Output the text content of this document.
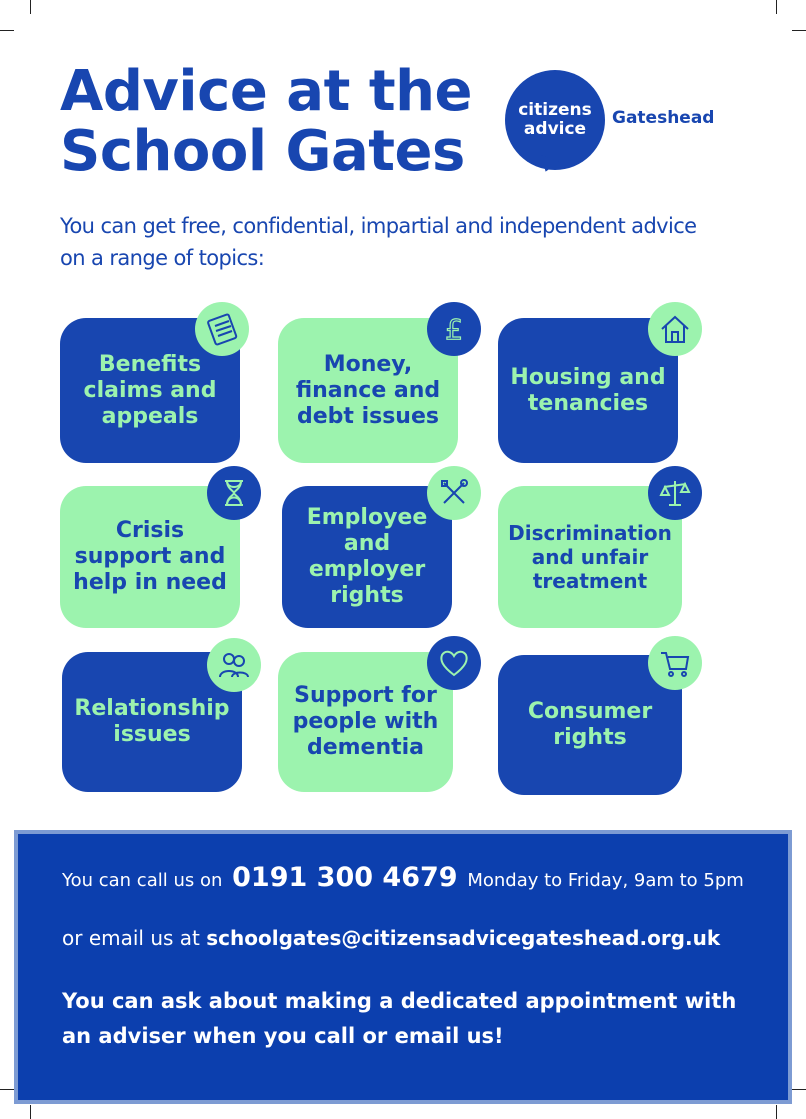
Advice at the
School Gates
citizens
advice
Gateshead

You can get free, confidential, impartial and independent advice on a range of topics:

Benefits claims and appeals
Money, finance and debt issues
£
Housing and tenancies
Crisis support and help in need
Employee and employer rights
Discrimination and unfair treatment
Relationship issues
Support for people with dementia
Consumer rights
You can call us on 0191 300 4679 Monday to Friday, 9am to 5pm
or email us at schoolgates@citizensadvicegateshead.org.uk
You can ask about making a dedicated appointment with an adviser when you call or email us!
